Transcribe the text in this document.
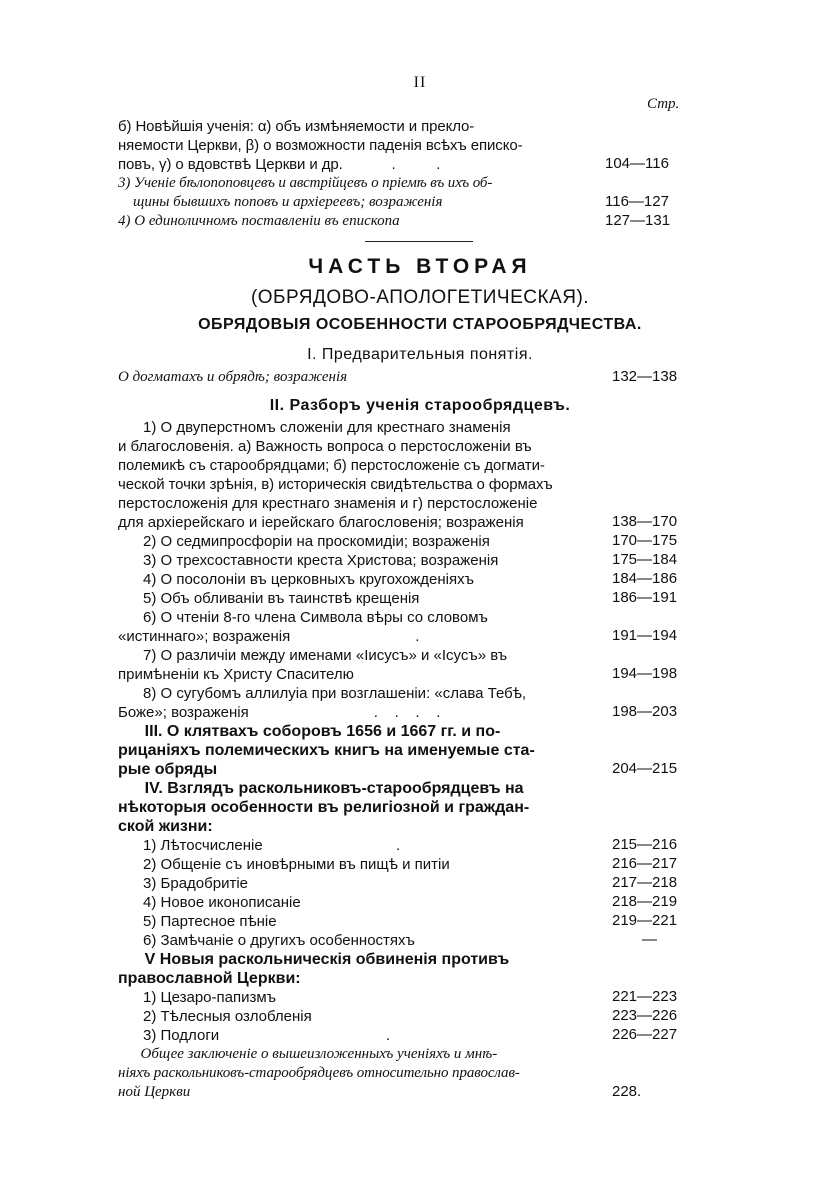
II
Стр.
ЧАСТЬ ВТОРАЯ
(ОБРЯДОВО-АПОЛОГЕТИЧЕСКАЯ).
ОБРЯДОВЫЯ ОСОБЕННОСТИ СТАРООБРЯДЧЕСТВА.
I. Предварительныя понятія.
II. Разборъ ученія старообрядцевъ.
б) Новѣйшія ученія: α) объ измѣняемости и прекло-
няемости Церкви, β) о возможности паденія всѣхъ еписко-
повъ, γ) о вдовствѣ Церкви и др.            .          .	104—116
3) Ученіе бѣлопоповцевъ и австрійцевъ о пріемѣ въ ихъ об-
щины бывшихъ поповъ и архіереевъ; возраженія	116—127
4) О единоличномъ поставленіи въ епископа	127—131
О догматахъ и обрядѣ; возраженія	132—138
1) О двуперстномъ сложеніи для крестнаго знаменія
и благословенія. а) Важность вопроса о перстосложеніи въ
полемикѣ съ старообрядцами; б) перстосложеніе съ догмати-
ческой точки зрѣнія, в) историческія свидѣтельства о формахъ
перстосложенія для крестнаго знаменія и г) перстосложеніе
для архіерейскаго и іерейскаго благословенія; возраженія	138—170
2) О седмипросфоріи на проскомидіи; возраженія	170—175
3) О трехсоставности креста Христова; возраженія	175—184
4) О посолоніи въ церковныхъ кругохожденіяхъ	184—186
5) Объ обливаніи въ таинствѣ крещенія	186—191
6) О чтеніи 8-го члена Символа вѣры со словомъ
«истиннаго»; возраженія                              .	191—194
7) О различіи между именами «Іисусъ» и «Ісусъ» въ
примѣненіи къ Христу Спасителю	194—198
8) О сугубомъ аллилуіа при возглашеніи: «слава Тебѣ,
Боже»; возраженія                              .    .    .    .	198—203
III. О клятвахъ соборовъ 1656 и 1667 гг. и по-
рицаніяхъ полемическихъ книгъ на именуемые ста-
рые обряды	204—215
IV. Взглядъ раскольниковъ-старообрядцевъ на
нѣкоторыя особенности въ религіозной и граждан-
ской жизни:
1) Лѣтосчисленіе                                .	215—216
2) Общеніе съ иновѣрными въ пищѣ и питіи	216—217
3) Брадобритіе	217—218
4) Новое иконописаніе	218—219
5) Партесное пѣніе	219—221
6) Замѣчаніе о другихъ особенностяхъ	—
V Новыя раскольническія обвиненія противъ
православной Церкви:
1) Цезаро-папизмъ	221—223
2) Тѣлесныя озлобленія	223—226
3) Подлоги                                        .	226—227
Общее заключеніе о вышеизложенныхъ ученіяхъ и мнѣ-
ніяхъ раскольниковъ-старообрядцевъ относительно православ-
ной Церкви	228.
